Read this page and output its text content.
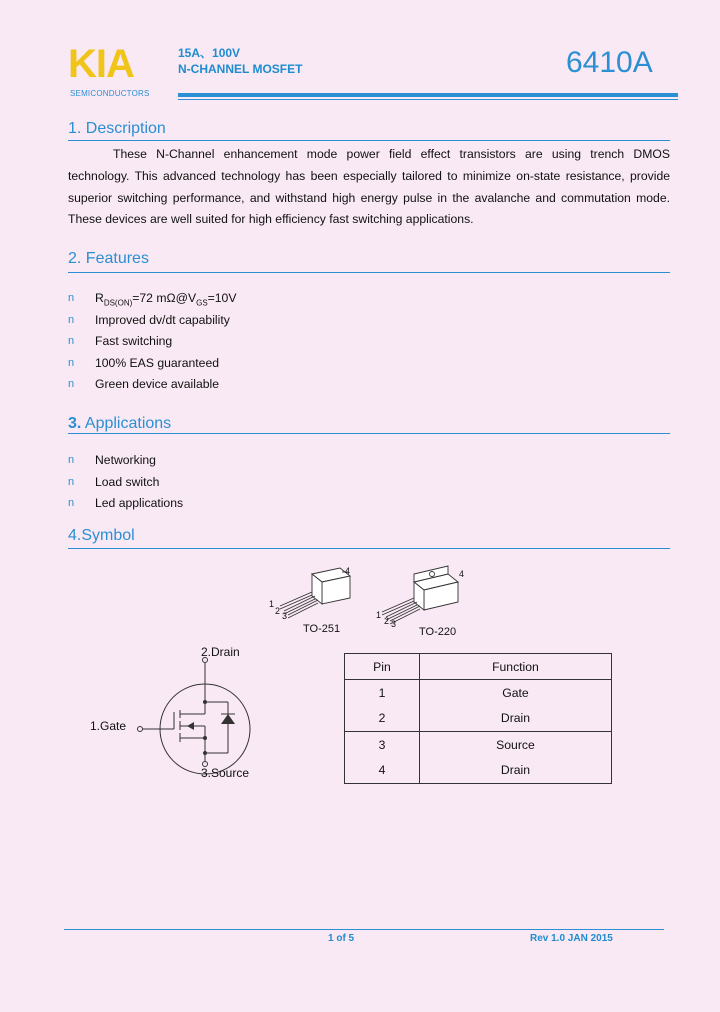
KIA
SEMICONDUCTORS
15A、100V
N-CHANNEL MOSFET	6410A
1. Description
These N-Channel enhancement mode power field effect transistors are using trench DMOS technology. This advanced technology has been especially tailored to minimize on-state resistance, provide superior switching performance, and withstand high energy pulse in the avalanche and commutation mode. These devices are well suited for high efficiency fast switching applications.
2. Features
n $R_{DS(ON)}=72$ $m\Omega@V_{GS}=10V$
n Improved dv/dt capability
n Fast switching
n 100% EAS guaranteed
n Green device available
3. Applications
n Networking
n Load switch
n Led applications
4.Symbol
4
1
2 3
TO-251
4
1
2 3
TO-220
2.Drain
1.Gate
3.Source
Pin	Function
1	Gate
2	Drain
3	Source
4	Drain
1 of 5	Rev 1.0 JAN 2015
